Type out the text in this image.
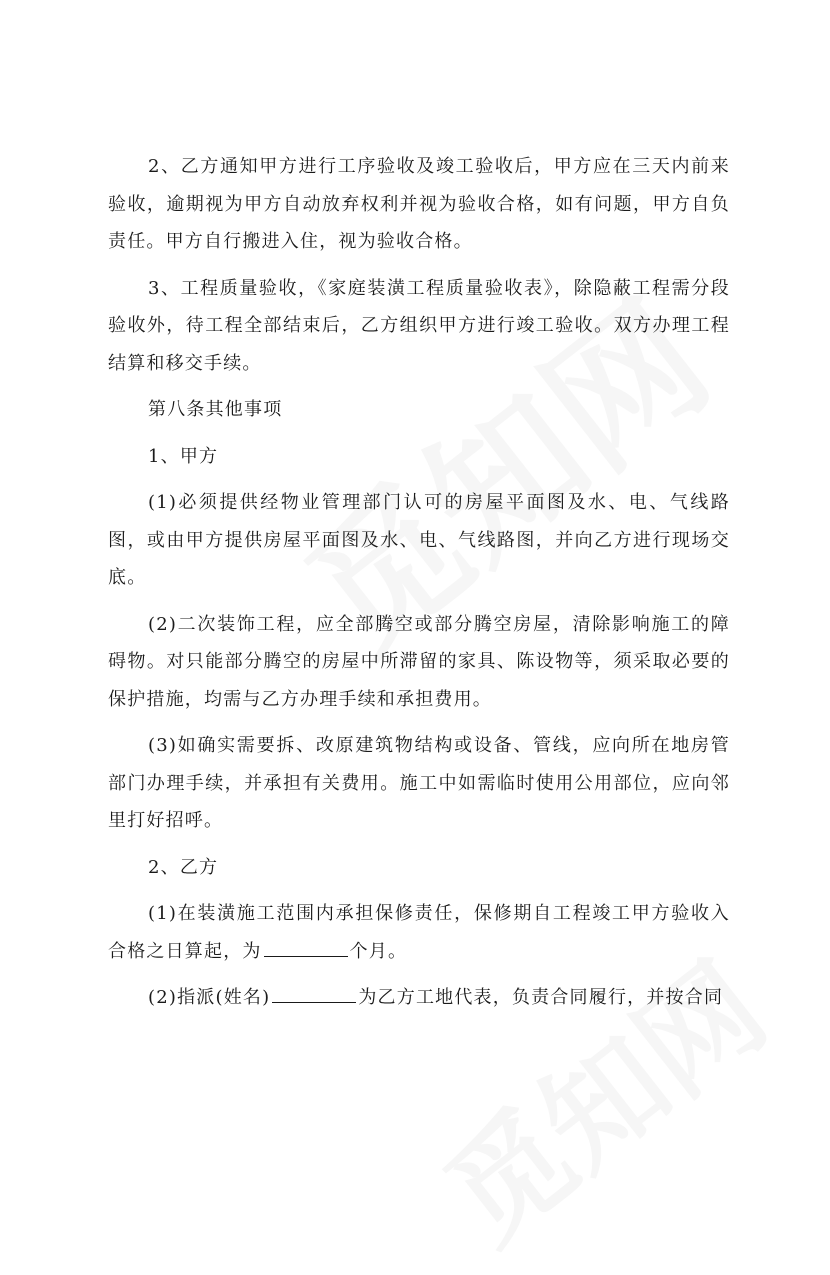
2、乙方通知甲方进行工序验收及竣工验收后，甲方应在三天内前来验收，逾期视为甲方自动放弃权利并视为验收合格，如有问题，甲方自负责任。甲方自行搬进入住，视为验收合格。

3、工程质量验收，《家庭装潢工程质量验收表》，除隐蔽工程需分段验收外，待工程全部结束后，乙方组织甲方进行竣工验收。双方办理工程结算和移交手续。

第八条其他事项

1、甲方

(1)必须提供经物业管理部门认可的房屋平面图及水、电、气线路图，或由甲方提供房屋平面图及水、电、气线路图，并向乙方进行现场交底。

(2)二次装饰工程，应全部腾空或部分腾空房屋，清除影响施工的障碍物。对只能部分腾空的房屋中所滞留的家具、陈设物等，须采取必要的保护措施，均需与乙方办理手续和承担费用。

(3)如确实需要拆、改原建筑物结构或设备、管线，应向所在地房管部门办理手续，并承担有关费用。施工中如需临时使用公用部位，应向邻里打好招呼。

2、乙方

(1)在装潢施工范围内承担保修责任，保修期自工程竣工甲方验收入合格之日算起，为	个月。

(2)指派(姓名)	为乙方工地代表，负责合同履行，并按合同
